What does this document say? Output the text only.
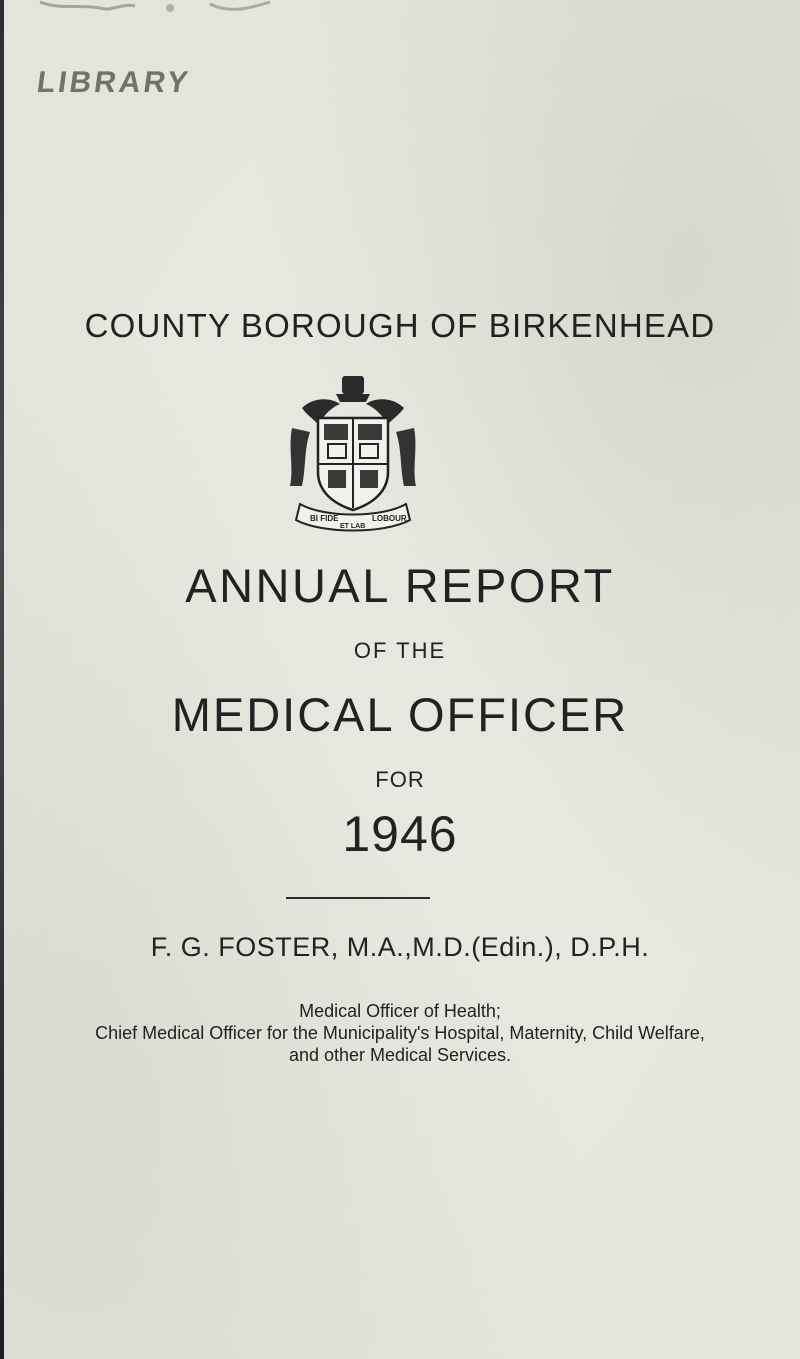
LIBRARY
COUNTY BOROUGH OF BIRKENHEAD
BI FIDE
ET LAB
LOBOUR
ANNUAL REPORT
OF THE
MEDICAL OFFICER
FOR
1946
F. G. FOSTER, M.A.,M.D.(Edin.), D.P.H.
Medical Officer of Health;
Chief Medical Officer for the Municipality's Hospital, Maternity, Child Welfare,
and other Medical Services.
